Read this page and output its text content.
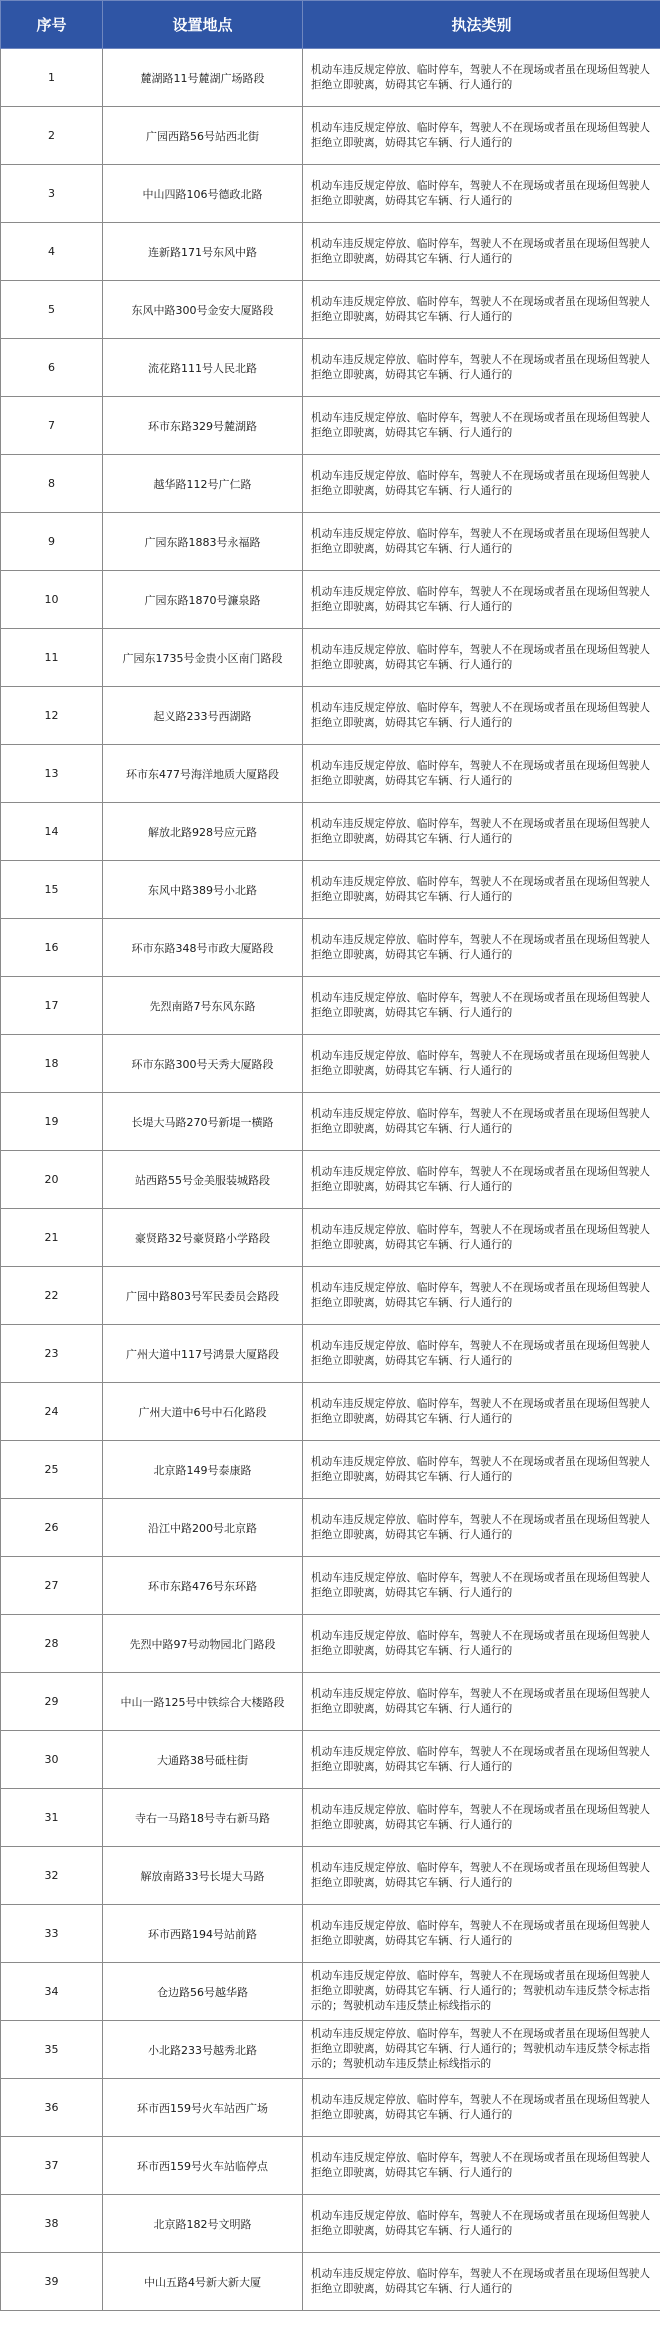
序号	设置地点	执法类别
1	麓湖路11号麓湖广场路段	机动车违反规定停放、临时停车，驾驶人不在现场或者虽在现场但驾驶人拒绝立即驶离，妨碍其它车辆、行人通行的
2	广园西路56号站西北街	机动车违反规定停放、临时停车，驾驶人不在现场或者虽在现场但驾驶人拒绝立即驶离，妨碍其它车辆、行人通行的
3	中山四路106号德政北路	机动车违反规定停放、临时停车，驾驶人不在现场或者虽在现场但驾驶人拒绝立即驶离，妨碍其它车辆、行人通行的
4	连新路171号东风中路	机动车违反规定停放、临时停车，驾驶人不在现场或者虽在现场但驾驶人拒绝立即驶离，妨碍其它车辆、行人通行的
5	东风中路300号金安大厦路段	机动车违反规定停放、临时停车，驾驶人不在现场或者虽在现场但驾驶人拒绝立即驶离，妨碍其它车辆、行人通行的
6	流花路111号人民北路	机动车违反规定停放、临时停车，驾驶人不在现场或者虽在现场但驾驶人拒绝立即驶离，妨碍其它车辆、行人通行的
7	环市东路329号麓湖路	机动车违反规定停放、临时停车，驾驶人不在现场或者虽在现场但驾驶人拒绝立即驶离，妨碍其它车辆、行人通行的
8	越华路112号广仁路	机动车违反规定停放、临时停车，驾驶人不在现场或者虽在现场但驾驶人拒绝立即驶离，妨碍其它车辆、行人通行的
9	广园东路1883号永福路	机动车违反规定停放、临时停车，驾驶人不在现场或者虽在现场但驾驶人拒绝立即驶离，妨碍其它车辆、行人通行的
10	广园东路1870号濂泉路	机动车违反规定停放、临时停车，驾驶人不在现场或者虽在现场但驾驶人拒绝立即驶离，妨碍其它车辆、行人通行的
11	广园东1735号金贵小区南门路段	机动车违反规定停放、临时停车，驾驶人不在现场或者虽在现场但驾驶人拒绝立即驶离，妨碍其它车辆、行人通行的
12	起义路233号西湖路	机动车违反规定停放、临时停车，驾驶人不在现场或者虽在现场但驾驶人拒绝立即驶离，妨碍其它车辆、行人通行的
13	环市东477号海洋地质大厦路段	机动车违反规定停放、临时停车，驾驶人不在现场或者虽在现场但驾驶人拒绝立即驶离，妨碍其它车辆、行人通行的
14	解放北路928号应元路	机动车违反规定停放、临时停车，驾驶人不在现场或者虽在现场但驾驶人拒绝立即驶离，妨碍其它车辆、行人通行的
15	东风中路389号小北路	机动车违反规定停放、临时停车，驾驶人不在现场或者虽在现场但驾驶人拒绝立即驶离，妨碍其它车辆、行人通行的
16	环市东路348号市政大厦路段	机动车违反规定停放、临时停车，驾驶人不在现场或者虽在现场但驾驶人拒绝立即驶离，妨碍其它车辆、行人通行的
17	先烈南路7号东风东路	机动车违反规定停放、临时停车，驾驶人不在现场或者虽在现场但驾驶人拒绝立即驶离，妨碍其它车辆、行人通行的
18	环市东路300号天秀大厦路段	机动车违反规定停放、临时停车，驾驶人不在现场或者虽在现场但驾驶人拒绝立即驶离，妨碍其它车辆、行人通行的
19	长堤大马路270号新堤一横路	机动车违反规定停放、临时停车，驾驶人不在现场或者虽在现场但驾驶人拒绝立即驶离，妨碍其它车辆、行人通行的
20	站西路55号金美服装城路段	机动车违反规定停放、临时停车，驾驶人不在现场或者虽在现场但驾驶人拒绝立即驶离，妨碍其它车辆、行人通行的
21	豪贤路32号豪贤路小学路段	机动车违反规定停放、临时停车，驾驶人不在现场或者虽在现场但驾驶人拒绝立即驶离，妨碍其它车辆、行人通行的
22	广园中路803号军民委员会路段	机动车违反规定停放、临时停车，驾驶人不在现场或者虽在现场但驾驶人拒绝立即驶离，妨碍其它车辆、行人通行的
23	广州大道中117号鸿景大厦路段	机动车违反规定停放、临时停车，驾驶人不在现场或者虽在现场但驾驶人拒绝立即驶离，妨碍其它车辆、行人通行的
24	广州大道中6号中石化路段	机动车违反规定停放、临时停车，驾驶人不在现场或者虽在现场但驾驶人拒绝立即驶离，妨碍其它车辆、行人通行的
25	北京路149号泰康路	机动车违反规定停放、临时停车，驾驶人不在现场或者虽在现场但驾驶人拒绝立即驶离，妨碍其它车辆、行人通行的
26	沿江中路200号北京路	机动车违反规定停放、临时停车，驾驶人不在现场或者虽在现场但驾驶人拒绝立即驶离，妨碍其它车辆、行人通行的
27	环市东路476号东环路	机动车违反规定停放、临时停车，驾驶人不在现场或者虽在现场但驾驶人拒绝立即驶离，妨碍其它车辆、行人通行的
28	先烈中路97号动物园北门路段	机动车违反规定停放、临时停车，驾驶人不在现场或者虽在现场但驾驶人拒绝立即驶离，妨碍其它车辆、行人通行的
29	中山一路125号中铁综合大楼路段	机动车违反规定停放、临时停车，驾驶人不在现场或者虽在现场但驾驶人拒绝立即驶离，妨碍其它车辆、行人通行的
30	大通路38号砥柱街	机动车违反规定停放、临时停车，驾驶人不在现场或者虽在现场但驾驶人拒绝立即驶离，妨碍其它车辆、行人通行的
31	寺右一马路18号寺右新马路	机动车违反规定停放、临时停车，驾驶人不在现场或者虽在现场但驾驶人拒绝立即驶离，妨碍其它车辆、行人通行的
32	解放南路33号长堤大马路	机动车违反规定停放、临时停车，驾驶人不在现场或者虽在现场但驾驶人拒绝立即驶离，妨碍其它车辆、行人通行的
33	环市西路194号站前路	机动车违反规定停放、临时停车，驾驶人不在现场或者虽在现场但驾驶人拒绝立即驶离，妨碍其它车辆、行人通行的
34	仓边路56号越华路	机动车违反规定停放、临时停车，驾驶人不在现场或者虽在现场但驾驶人拒绝立即驶离，妨碍其它车辆、行人通行的；驾驶机动车违反禁令标志指示的；驾驶机动车违反禁止标线指示的
35	小北路233号越秀北路	机动车违反规定停放、临时停车，驾驶人不在现场或者虽在现场但驾驶人拒绝立即驶离，妨碍其它车辆、行人通行的；驾驶机动车违反禁令标志指示的；驾驶机动车违反禁止标线指示的
36	环市西159号火车站西广场	机动车违反规定停放、临时停车，驾驶人不在现场或者虽在现场但驾驶人拒绝立即驶离，妨碍其它车辆、行人通行的
37	环市西159号火车站临停点	机动车违反规定停放、临时停车，驾驶人不在现场或者虽在现场但驾驶人拒绝立即驶离，妨碍其它车辆、行人通行的
38	北京路182号文明路	机动车违反规定停放、临时停车，驾驶人不在现场或者虽在现场但驾驶人拒绝立即驶离，妨碍其它车辆、行人通行的
39	中山五路4号新大新大厦	机动车违反规定停放、临时停车，驾驶人不在现场或者虽在现场但驾驶人拒绝立即驶离，妨碍其它车辆、行人通行的
